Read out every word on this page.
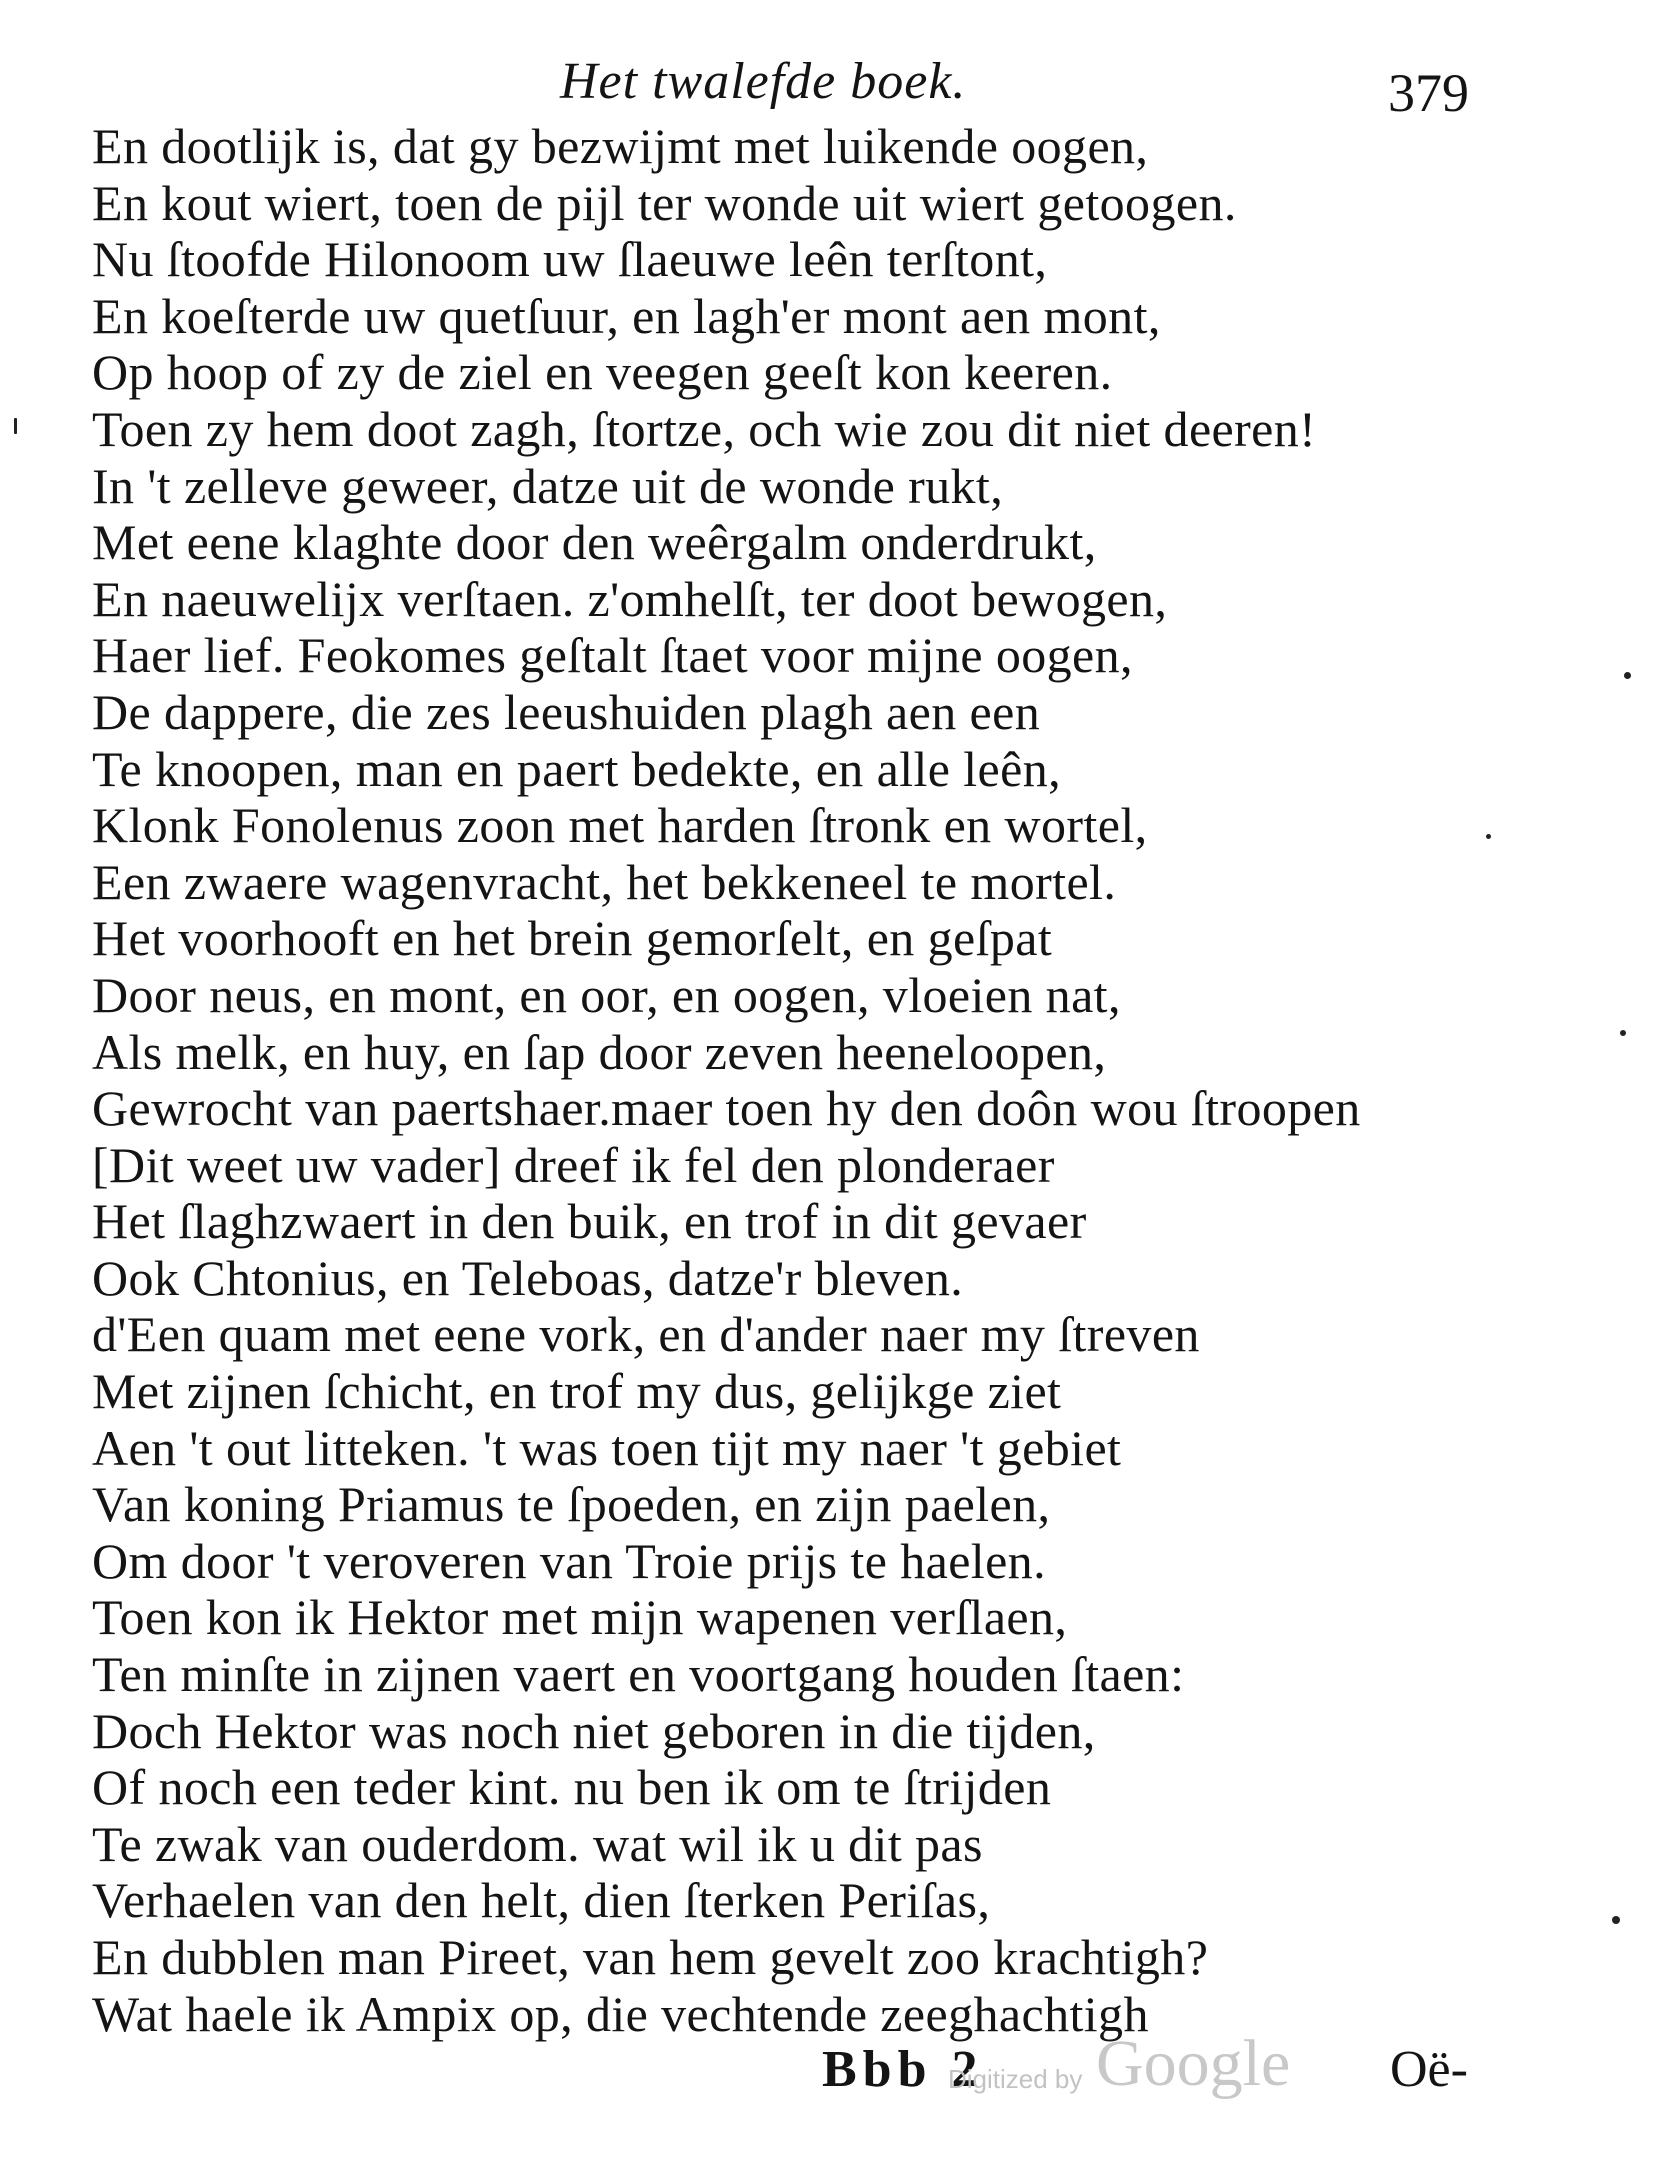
Het twalefde boek.	379
En dootlijk is, dat gy bezwijmt met luikende oogen,
En kout wiert, toen de pijl ter wonde uit wiert getoogen.
Nu ſtoofde Hilonoom uw ſlaeuwe leên terſtont,
En koeſterde uw quetſuur, en lagh'er mont aen mont,
Op hoop of zy de ziel en veegen geeſt kon keeren.
Toen zy hem doot zagh, ſtortze, och wie zou dit niet deeren!
In 't zelleve geweer, datze uit de wonde rukt,
Met eene klaghte door den weêrgalm onderdrukt,
En naeuwelijx verſtaen. z'omhelſt, ter doot bewogen,
Haer lief. Feokomes geſtalt ſtaet voor mijne oogen,
De dappere, die zes leeushuiden plagh aen een
Te knoopen, man en paert bedekte, en alle leên,
Klonk Fonolenus zoon met harden ſtronk en wortel,
Een zwaere wagenvracht, het bekkeneel te mortel.
Het voorhooft en het brein gemorſelt, en geſpat
Door neus, en mont, en oor, en oogen, vloeien nat,
Als melk, en huy, en ſap door zeven heeneloopen,
Gewrocht van paertshaer.maer toen hy den doôn wou ſtroopen
[Dit weet uw vader] dreef ik fel den plonderaer
Het ſlaghzwaert in den buik, en trof in dit gevaer
Ook Chtonius, en Teleboas, datze'r bleven.
d'Een quam met eene vork, en d'ander naer my ſtreven
Met zijnen ſchicht, en trof my dus, gelijkge ziet
Aen 't out litteken. 't was toen tijt my naer 't gebiet
Van koning Priamus te ſpoeden, en zijn paelen,
Om door 't veroveren van Troie prijs te haelen.
Toen kon ik Hektor met mijn wapenen verſlaen,
Ten minſte in zijnen vaert en voortgang houden ſtaen:
Doch Hektor was noch niet geboren in die tijden,
Of noch een teder kint. nu ben ik om te ſtrijden
Te zwak van ouderdom. wat wil ik u dit pas
Verhaelen van den helt, dien ſterken Periſas,
En dubblen man Pireet, van hem gevelt zoo krachtigh?
Wat haele ik Ampix op, die vechtende zeeghachtigh
Bbb 2
Digitized by Google Oë-
